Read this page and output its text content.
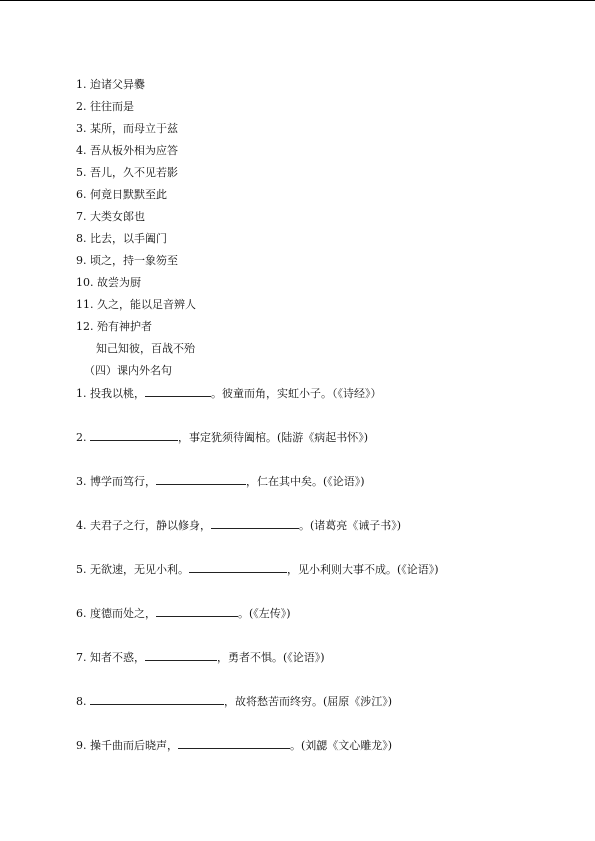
1. 迨诸父异爨
2. 往往而是
3. 某所，而母立于兹
4. 吾从板外相为应答
5. 吾儿，久不见若影
6. 何竟日默默至此
7. 大类女郎也
8. 比去，以手阖门
9. 顷之，持一象笏至
10. 故尝为厨
11. 久之，能以足音辨人
12. 殆有神护者
知己知彼，百战不殆
（四）课内外名句
1. 投我以桃，	。彼童而角，实虹小子。（《诗经》）
2.	，事定犹须待阖棺。(陆游《病起书怀》)
3. 博学而笃行，	，仁在其中矣。(《论语》)
4. 夫君子之行，静以修身，	。(诸葛亮《诫子书》)
5. 无欲速，无见小利。	，见小利则大事不成。(《论语》)
6. 度德而处之，	。(《左传》)
7. 知者不惑，	，勇者不惧。(《论语》)
8.	，故将愁苦而终穷。(屈原《涉江》)
9. 操千曲而后晓声，	。(刘勰《文心雕龙》)
